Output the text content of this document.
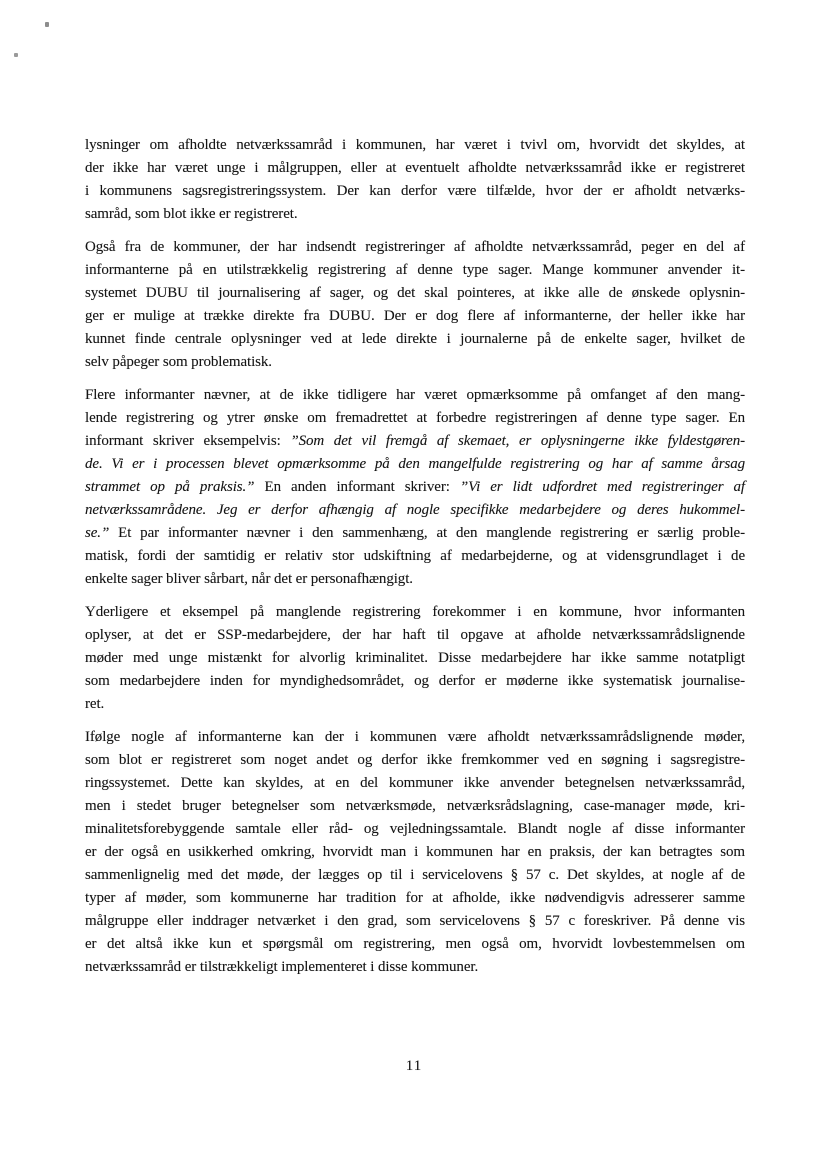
lysninger om afholdte netværkssamråd i kommunen, har været i tvivl om, hvorvidt det skyldes, at
der ikke har været unge i målgruppen, eller at eventuelt afholdte netværkssamråd ikke er registreret
i kommunens sagsregistreringssystem. Der kan derfor være tilfælde, hvor der er afholdt netværks-
samråd, som blot ikke er registreret.

Også fra de kommuner, der har indsendt registreringer af afholdte netværkssamråd, peger en del af
informanterne på en utilstrækkelig registrering af denne type sager. Mange kommuner anvender it-
systemet DUBU til journalisering af sager, og det skal pointeres, at ikke alle de ønskede oplysnin-
ger er mulige at trække direkte fra DUBU. Der er dog flere af informanterne, der heller ikke har
kunnet finde centrale oplysninger ved at lede direkte i journalerne på de enkelte sager, hvilket de
selv påpeger som problematisk.

Flere informanter nævner, at de ikke tidligere har været opmærksomme på omfanget af den mang-
lende registrering og ytrer ønske om fremadrettet at forbedre registreringen af denne type sager. En
informant skriver eksempelvis: ”Som det vil fremgå af skemaet, er oplysningerne ikke fyldestgøren-
de. Vi er i processen blevet opmærksomme på den mangelfulde registrering og har af samme årsag
strammet op på praksis.” En anden informant skriver: ”Vi er lidt udfordret med registreringer af
netværkssamrådene. Jeg er derfor afhængig af nogle specifikke medarbejdere og deres hukommel-
se.” Et par informanter nævner i den sammenhæng, at den manglende registrering er særlig proble-
matisk, fordi der samtidig er relativ stor udskiftning af medarbejderne, og at vidensgrundlaget i de
enkelte sager bliver sårbart, når det er personafhængigt.

Yderligere et eksempel på manglende registrering forekommer i en kommune, hvor informanten
oplyser, at det er SSP-medarbejdere, der har haft til opgave at afholde netværkssamrådslignende
møder med unge mistænkt for alvorlig kriminalitet. Disse medarbejdere har ikke samme notatpligt
som medarbejdere inden for myndighedsområdet, og derfor er møderne ikke systematisk journalise-
ret.

Ifølge nogle af informanterne kan der i kommunen være afholdt netværkssamrådslignende møder,
som blot er registreret som noget andet og derfor ikke fremkommer ved en søgning i sagsregistre-
ringssystemet. Dette kan skyldes, at en del kommuner ikke anvender betegnelsen netværkssamråd,
men i stedet bruger betegnelser som netværksmøde, netværksrådslagning, case-manager møde, kri-
minalitetsforebyggende samtale eller råd- og vejledningssamtale. Blandt nogle af disse informanter
er der også en usikkerhed omkring, hvorvidt man i kommunen har en praksis, der kan betragtes som
sammenlignelig med det møde, der lægges op til i servicelovens § 57 c. Det skyldes, at nogle af de
typer af møder, som kommunerne har tradition for at afholde, ikke nødvendigvis adresserer samme
målgruppe eller inddrager netværket i den grad, som servicelovens § 57 c foreskriver. På denne vis
er det altså ikke kun et spørgsmål om registrering, men også om, hvorvidt lovbestemmelsen om
netværkssamråd er tilstrækkeligt implementeret i disse kommuner.

11
